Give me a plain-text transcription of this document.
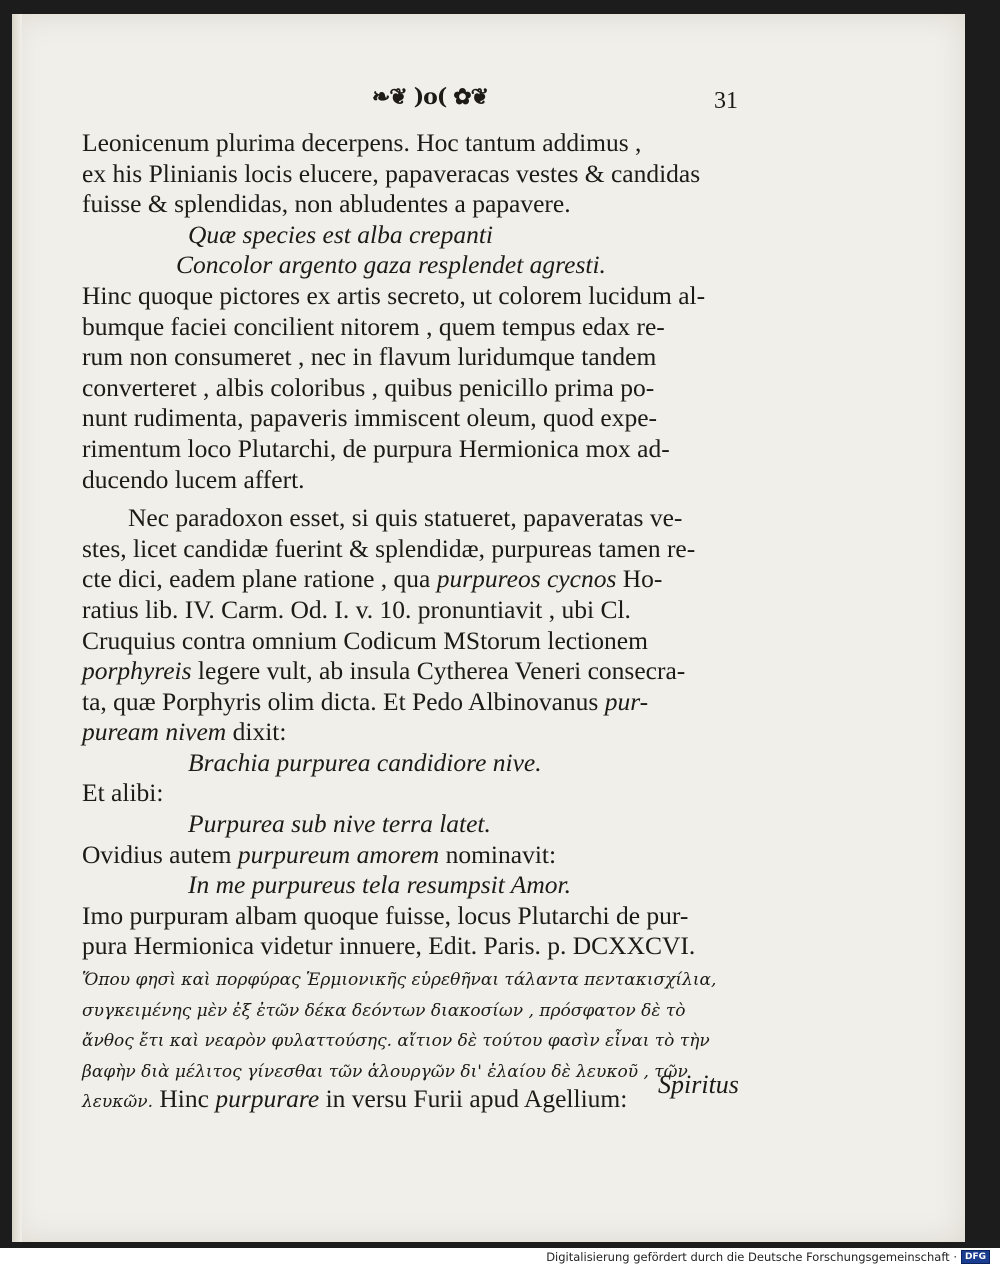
❧❦ )o( ✿❦	31
Leonicenum plurima decerpens. Hoc tantum addimus ,
ex his Plinianis locis elucere, papaveracas vestes & candidas
fuisse & splendidas, non abludentes a papavere.
Quæ species est alba crepanti
Concolor argento gaza resplendet agresti.
Hinc quoque pictores ex artis secreto, ut colorem lucidum al-
bumque faciei concilient nitorem , quem tempus edax re-
rum non consumeret , nec in flavum luridumque tandem
converteret , albis coloribus , quibus penicillo prima po-
nunt rudimenta, papaveris immiscent oleum, quod expe-
rimentum loco Plutarchi, de purpura Hermionica mox ad-
ducendo lucem affert.
Nec paradoxon esset, si quis statueret, papaveratas ve-
stes, licet candidæ fuerint & splendidæ, purpureas tamen re-
cte dici, eadem plane ratione , qua purpureos cycnos Ho-
ratius lib. IV. Carm. Od. I. v. 10. pronuntiavit , ubi Cl.
Cruquius contra omnium Codicum MStorum lectionem
porphyreis legere vult, ab insula Cytherea Veneri consecra-
ta, quæ Porphyris olim dicta. Et Pedo Albinovanus pur-
puream nivem dixit:
Brachia purpurea candidiore nive.
Et alibi:
Purpurea sub nive terra latet.
Ovidius autem purpureum amorem nominavit:
In me purpureus tela resumpsit Amor.
Imo purpuram albam quoque fuisse, locus Plutarchi de pur-
pura Hermionica videtur innuere, Edit. Paris. p. DCXXCVI.
Ὅπου φησὶ καὶ πορφύρας Ἑρμιονικῆς εὑρεθῆναι τάλαντα πεντακισχίλια,
συγκειμένης μὲν ἐξ ἐτῶν δέκα δεόντων διακοσίων , πρόσφατον δὲ τὸ
ἄνθος ἔτι καὶ νεαρὸν φυλαττούσης. αἴτιον δὲ τούτου φασὶν εἶναι τὸ τὴν
βαφὴν διὰ μέλιτος γίνεσθαι τῶν ἁλουργῶν δι' ἐλαίου δὲ λευκοῦ , τῶν
λευκῶν. Hinc purpurare in versu Furii apud Agellium:	Spiritus
Digitalisierung gefördert durch die Deutsche Forschungsgemeinschaft · DFG
